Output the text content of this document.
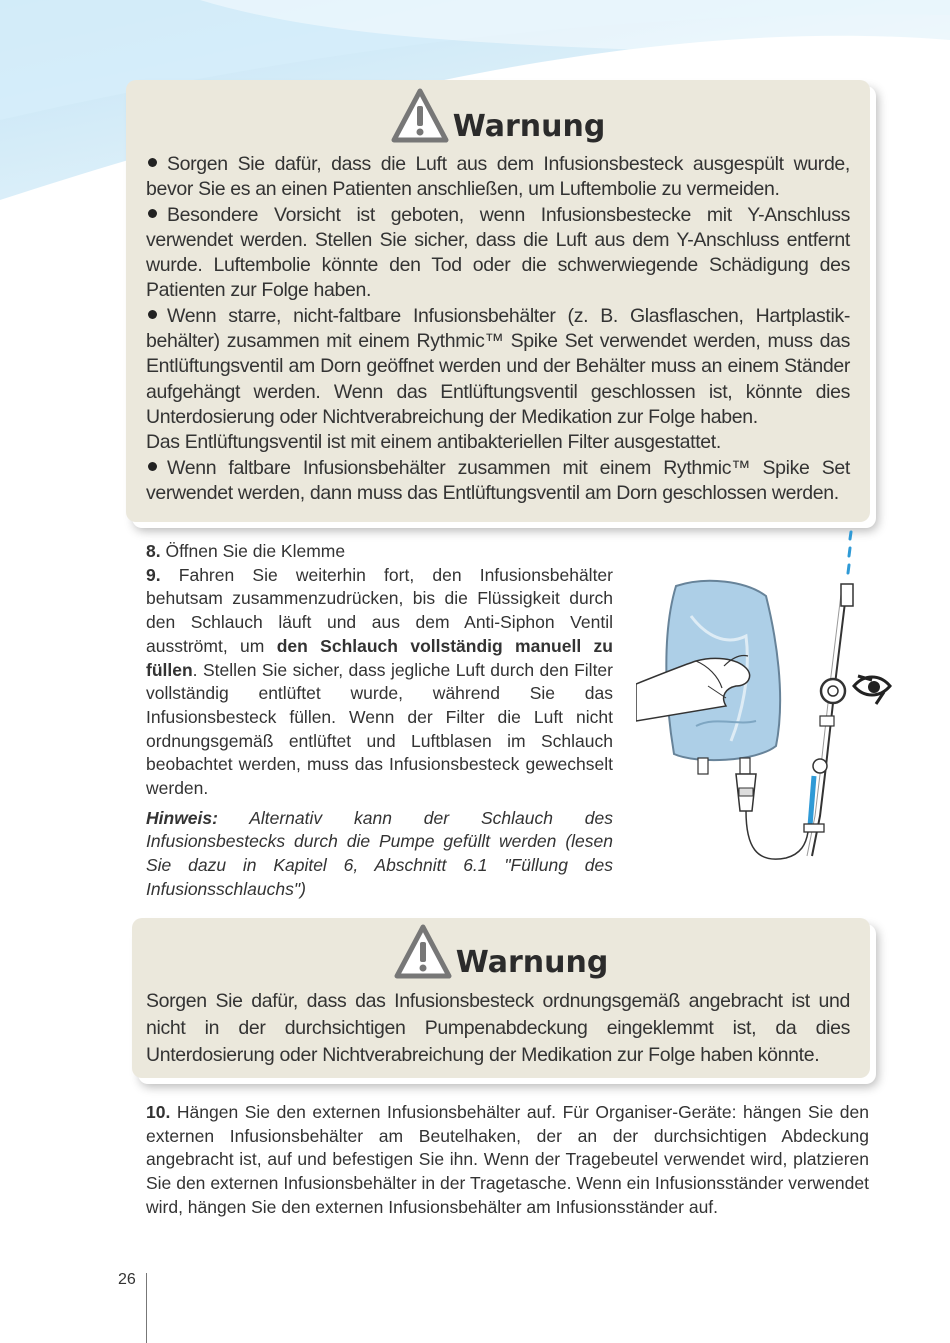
Warnung

Sorgen Sie dafür, dass die Luft aus dem Infusionsbesteck ausgespült wurde, bevor Sie es an einen Patienten anschließen, um Luftembolie zu vermeiden.

Besondere Vorsicht ist geboten, wenn Infusionsbestecke mit Y-Anschluss verwendet werden. Stellen Sie sicher, dass die Luft aus dem Y-Anschluss entfernt wurde. Luftembolie könnte den Tod oder die schwerwiegende Schädigung des Patienten zur Folge haben.

Wenn starre, nicht-faltbare Infusionsbehälter (z. B. Glasflaschen, Hartplastik-behälter) zusammen mit einem Rythmic™ Spike Set verwendet werden, muss das Entlüftungsventil am Dorn geöffnet werden und der Behälter muss an einem Ständer aufgehängt werden. Wenn das Entlüftungsventil geschlossen ist, könnte dies Unterdosierung oder Nichtverabreichung der Medikation zur Folge haben.

Das Entlüftungsventil ist mit einem antibakteriellen Filter ausgestattet.

Wenn faltbare Infusionsbehälter zusammen mit einem Rythmic™ Spike Set verwendet werden, dann muss das Entlüftungsventil am Dorn geschlossen werden.

8. Öffnen Sie die Klemme

9. Fahren Sie weiterhin fort, den Infusionsbehälter behutsam zusammenzudrücken, bis die Flüssigkeit durch den Schlauch läuft und aus dem Anti-Siphon Ventil ausströmt, um den Schlauch vollständig manuell zu füllen. Stellen Sie sicher, dass jegliche Luft durch den Filter vollständig entlüftet wurde, während Sie das Infusionsbesteck füllen. Wenn der Filter die Luft nicht ordnungsgemäß entlüftet und Luftblasen im Schlauch beobachtet werden, muss das Infusionsbesteck gewechselt werden.

Hinweis: Alternativ kann der Schlauch des Infusionsbestecks durch die Pumpe gefüllt werden (lesen Sie dazu in Kapitel 6, Abschnitt 6.1 "Füllung des Infusionsschlauchs")

Warnung

Sorgen Sie dafür, dass das Infusionsbesteck ordnungsgemäß angebracht ist und nicht in der durchsichtigen Pumpenabdeckung eingeklemmt ist, da dies Unterdosierung oder Nichtverabreichung der Medikation zur Folge haben könnte.

10. Hängen Sie den externen Infusionsbehälter auf. Für Organiser-Geräte: hängen Sie den externen Infusionsbehälter am Beutelhaken, der an der durchsichtigen Abdeckung angebracht ist, auf und befestigen Sie ihn. Wenn der Tragebeutel verwendet wird, platzieren Sie den externen Infusionsbehälter in der Tragetasche. Wenn ein Infusionsständer verwendet wird, hängen Sie den externen Infusionsbehälter am Infusionsständer auf.

26
